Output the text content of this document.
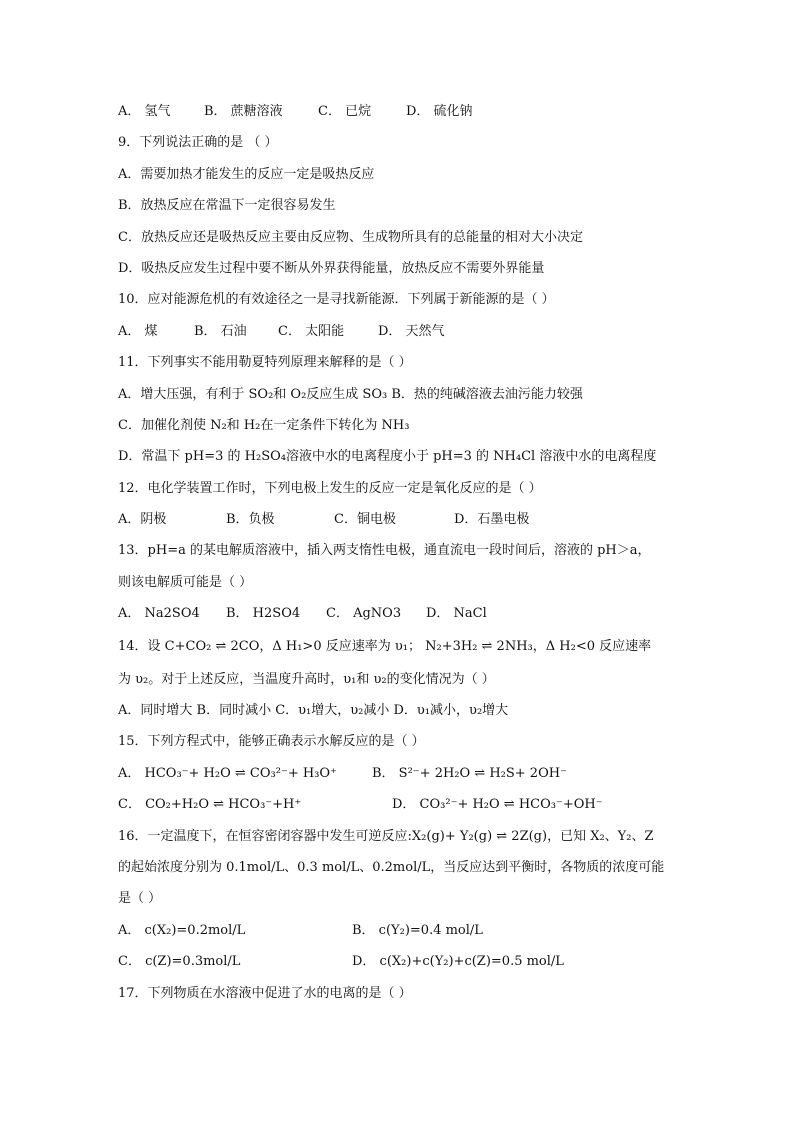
A． 氢气	B． 蔗糖溶液	C． 已烷	D． 硫化钠
9．下列说法正确的是 （ ）
A．需要加热才能发生的反应一定是吸热反应
B．放热反应在常温下一定很容易发生
C．放热反应还是吸热反应主要由反应物、生成物所具有的总能量的相对大小决定
D．吸热反应发生过程中要不断从外界获得能量，放热反应不需要外界能量
10．应对能源危机的有效途径之一是寻找新能源．下列属于新能源的是（ ）
A． 煤	B． 石油 C． 太阳能	D． 天然气
11．下列事实不能用勒夏特列原理来解释的是（ ）
A．增大压强，有利于 SO₂和 O₂反应生成 SO₃ B．热的纯碱溶液去油污能力较强
C．加催化剂使 N₂和 H₂在一定条件下转化为 NH₃
D．常温下 pH=3 的 H₂SO₄溶液中水的电离程度小于 pH=3 的 NH₄Cl 溶液中水的电离程度
12．电化学装置工作时，下列电极上发生的反应一定是氧化反应的是（ ）
A．阴极	B．负极	C．铜电极	D．石墨电极
13．pH=a 的某电解质溶液中，插入两支惰性电极，通直流电一段时间后，溶液的 pH＞a，
则该电解质可能是（ ）
A． Na2SO4 B． H2SO4 C． AgNO3 D． NaCl
14．设 C+CO₂ ⇌ 2CO，Δ H₁>0 反应速率为 υ₁； N₂+3H₂ ⇌ 2NH₃，Δ H₂<0 反应速率
为 υ₂。对于上述反应，当温度升高时，υ₁和 υ₂的变化情况为（ ）
A．同时增大 B．同时减小 C．υ₁增大，υ₂减小 D．υ₁减小，υ₂增大
15．下列方程式中，能够正确表示水解反应的是（ ）
A． HCO₃⁻+ H₂O ⇌ CO₃²⁻+ H₃O⁺	B． S²⁻+ 2H₂O ⇌ H₂S+ 2OH⁻
C． CO₂+H₂O ⇌ HCO₃⁻+H⁺	D． CO₃²⁻+ H₂O ⇌ HCO₃⁻+OH⁻
16．一定温度下，在恒容密闭容器中发生可逆反应:X₂(g)+ Y₂(g) ⇌ 2Z(g)，已知 X₂、Y₂、Z
的起始浓度分别为 0.1mol/L、0.3 mol/L、0.2mol/L，当反应达到平衡时，各物质的浓度可能
是（ ）
A． c(X₂)=0.2mol/L	B． c(Y₂)=0.4 mol/L
C． c(Z)=0.3mol/L	D． c(X₂)+c(Y₂)+c(Z)=0.5 mol/L
17．下列物质在水溶液中促进了水的电离的是（ ）
